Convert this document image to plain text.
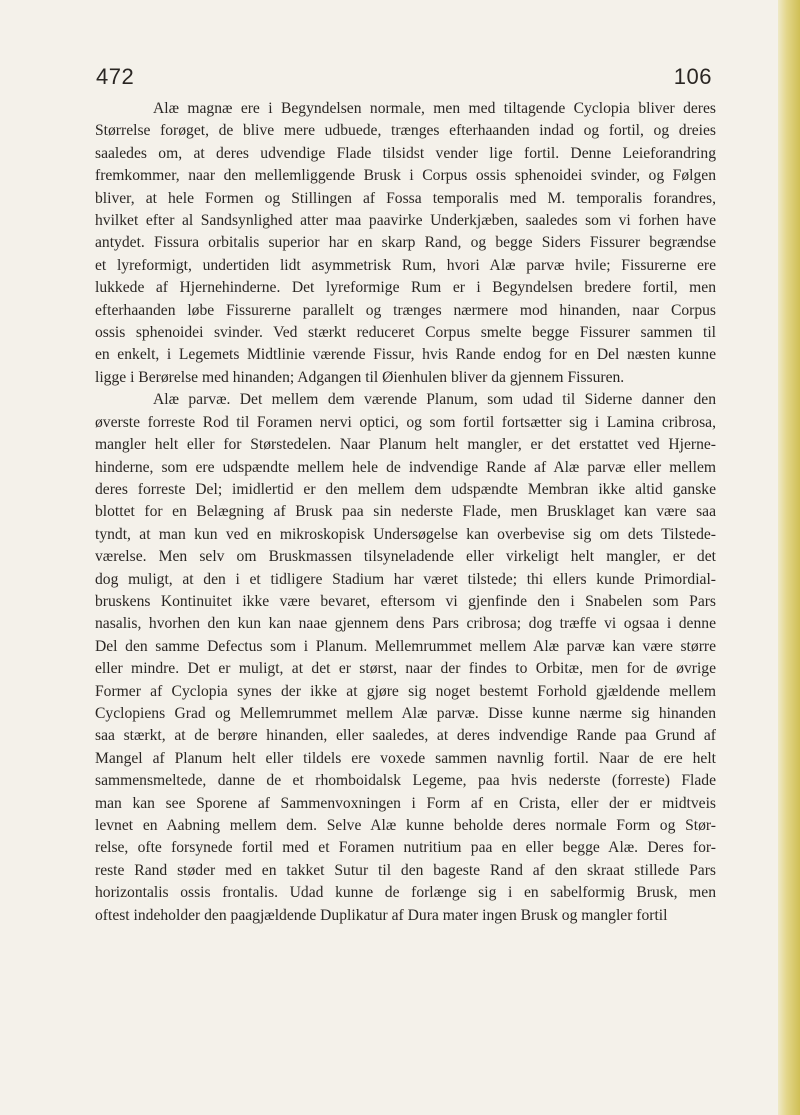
472	106

Alæ magnæ ere i Begyndelsen normale, men med tiltagende Cyclopia bliver deres

Størrelse forøget, de blive mere udbuede, trænges efterhaanden indad og fortil, og dreies

saaledes om, at deres udvendige Flade tilsidst vender lige fortil. Denne Leieforandring

fremkommer, naar den mellemliggende Brusk i Corpus ossis sphenoidei svinder, og Følgen

bliver, at hele Formen og Stillingen af Fossa temporalis med M. temporalis forandres,

hvilket efter al Sandsynlighed atter maa paavirke Underkjæben, saaledes som vi forhen have

antydet. Fissura orbitalis superior har en skarp Rand, og begge Siders Fissurer begrændse

et lyreformigt, undertiden lidt asymmetrisk Rum, hvori Alæ parvæ hvile; Fissurerne ere

lukkede af Hjernehinderne. Det lyreformige Rum er i Begyndelsen bredere fortil, men

efterhaanden løbe Fissurerne parallelt og trænges nærmere mod hinanden, naar Corpus

ossis sphenoidei svinder. Ved stærkt reduceret Corpus smelte begge Fissurer sammen til

en enkelt, i Legemets Midtlinie værende Fissur, hvis Rande endog for en Del næsten kunne

ligge i Berørelse med hinanden; Adgangen til Øienhulen bliver da gjennem Fissuren.

Alæ parvæ. Det mellem dem værende Planum, som udad til Siderne danner den

øverste forreste Rod til Foramen nervi optici, og som fortil fortsætter sig i Lamina cribrosa,

mangler helt eller for Størstedelen. Naar Planum helt mangler, er det erstattet ved Hjerne-

hinderne, som ere udspændte mellem hele de indvendige Rande af Alæ parvæ eller mellem

deres forreste Del; imidlertid er den mellem dem udspændte Membran ikke altid ganske

blottet for en Belægning af Brusk paa sin nederste Flade, men Brusklaget kan være saa

tyndt, at man kun ved en mikroskopisk Undersøgelse kan overbevise sig om dets Tilstede-

værelse. Men selv om Bruskmassen tilsyneladende eller virkeligt helt mangler, er det

dog muligt, at den i et tidligere Stadium har været tilstede; thi ellers kunde Primordial-

bruskens Kontinuitet ikke være bevaret, eftersom vi gjenfinde den i Snabelen som Pars

nasalis, hvorhen den kun kan naae gjennem dens Pars cribrosa; dog træffe vi ogsaa i denne

Del den samme Defectus som i Planum. Mellemrummet mellem Alæ parvæ kan være større

eller mindre. Det er muligt, at det er størst, naar der findes to Orbitæ, men for de øvrige

Former af Cyclopia synes der ikke at gjøre sig noget bestemt Forhold gjældende mellem

Cyclopiens Grad og Mellemrummet mellem Alæ parvæ. Disse kunne nærme sig hinanden

saa stærkt, at de berøre hinanden, eller saaledes, at deres indvendige Rande paa Grund af

Mangel af Planum helt eller tildels ere voxede sammen navnlig fortil. Naar de ere helt

sammensmeltede, danne de et rhomboidalsk Legeme, paa hvis nederste (forreste) Flade

man kan see Sporene af Sammenvoxningen i Form af en Crista, eller der er midtveis

levnet en Aabning mellem dem. Selve Alæ kunne beholde deres normale Form og Stør-

relse, ofte forsynede fortil med et Foramen nutritium paa en eller begge Alæ. Deres for-

reste Rand støder med en takket Sutur til den bageste Rand af den skraat stillede Pars

horizontalis ossis frontalis. Udad kunne de forlænge sig i en sabelformig Brusk, men

oftest indeholder den paagjældende Duplikatur af Dura mater ingen Brusk og mangler fortil
